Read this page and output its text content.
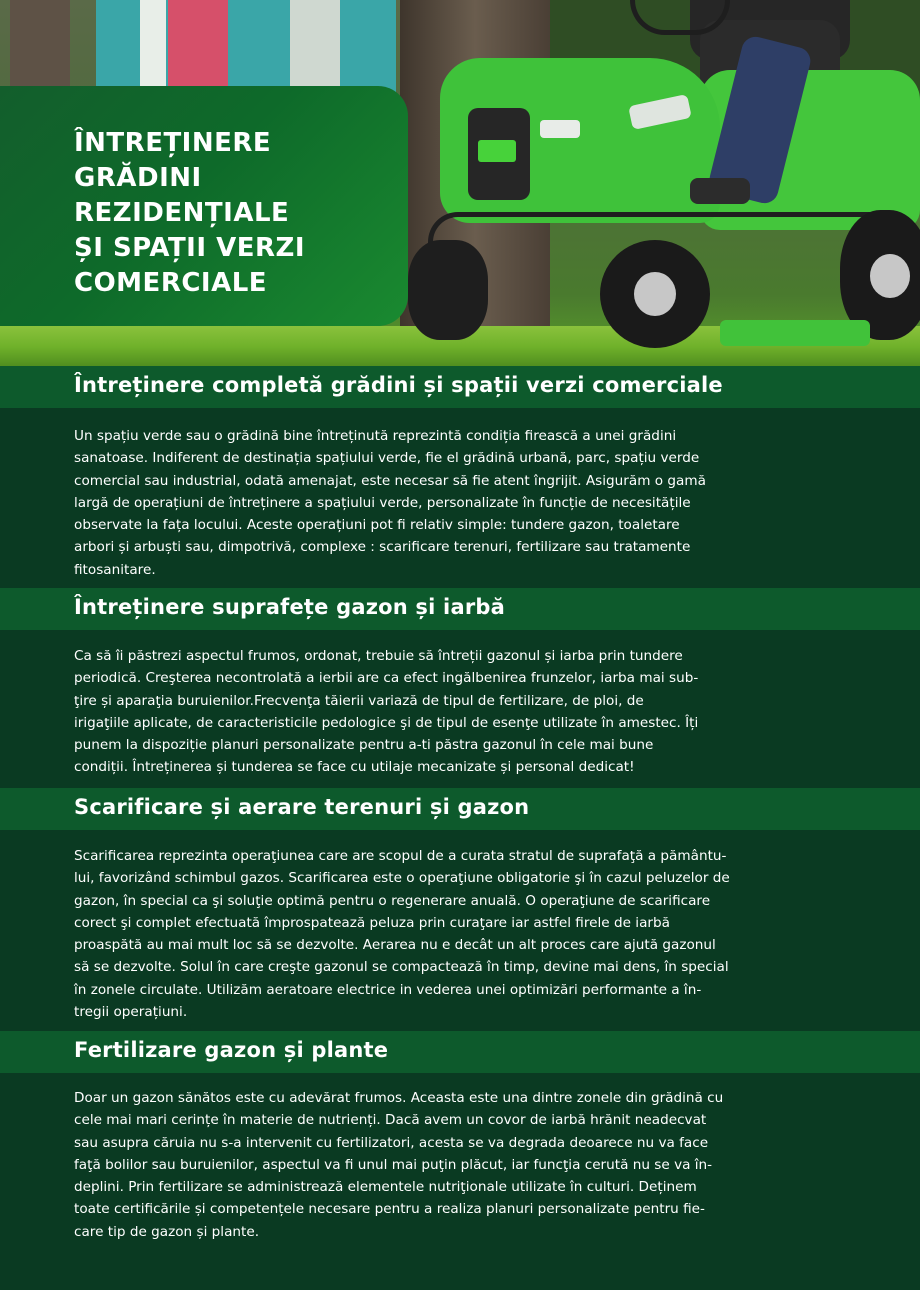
ÎNTREȚINERE
GRĂDINI
REZIDENȚIALE
ȘI SPAȚII VERZI
COMERCIALE
Întreținere completă grădini și spații verzi comerciale

Un spațiu verde sau o grădină bine întreținută reprezintă condiția firească a unei grădini
sanatoase. Indiferent de destinația spațiului verde, fie el grădină urbană, parc, spațiu verde
comercial sau industrial, odată amenajat, este necesar să fie atent îngrijit. Asigurăm o gamă
largă de operațiuni de întreținere a spațiului verde, personalizate în funcție de necesitățile
observate la fața locului. Aceste operațiuni pot fi relativ simple: tundere gazon, toaletare
arbori și arbuști sau, dimpotrivă, complexe : scarificare terenuri, fertilizare sau tratamente
fitosanitare.

Întreținere suprafețe gazon și iarbă

Ca să îi păstrezi aspectul frumos, ordonat, trebuie să întreții gazonul și iarba prin tundere
periodică. Creşterea necontrolată a ierbii are ca efect ingălbenirea frunzelor, iarba mai sub-
ţire și aparaţia buruienilor.Frecvenţa tăierii variază de tipul de fertilizare, de ploi, de
irigaţiile aplicate, de caracteristicile pedologice şi de tipul de esenţe utilizate în amestec. Îți
punem la dispoziție planuri personalizate pentru a-ti păstra gazonul în cele mai bune
condiții. Întreținerea și tunderea se face cu utilaje mecanizate și personal dedicat!

Scarificare și aerare terenuri și gazon

Scarificarea reprezinta operaţiunea care are scopul de a curata stratul de suprafaţă a pământu-
lui, favorizând schimbul gazos. Scarificarea este o operaţiune obligatorie şi în cazul peluzelor de
gazon, în special ca şi soluţie optimă pentru o regenerare anuală. O operaţiune de scarificare
corect şi complet efectuată împrospatează peluza prin curaţare iar astfel firele de iarbă
proaspătă au mai mult loc să se dezvolte. Aerarea nu e decât un alt proces care ajută gazonul
să se dezvolte. Solul în care creşte gazonul se compactează în timp, devine mai dens, în special
în zonele circulate. Utilizăm aeratoare electrice in vederea unei optimizări performante a în-
tregii operațiuni.

Fertilizare gazon și plante

Doar un gazon sănătos este cu adevărat frumos. Aceasta este una dintre zonele din grădină cu
cele mai mari cerințe în materie de nutrienți. Dacă avem un covor de iarbă hrănit neadecvat
sau asupra căruia nu s-a intervenit cu fertilizatori, acesta se va degrada deoarece nu va face
faţă bolilor sau buruienilor, aspectul va fi unul mai puţin plăcut, iar funcţia cerută nu se va în-
deplini. Prin fertilizare se administrează elementele nutriţionale utilizate în culturi. Deținem
toate certificările și competențele necesare pentru a realiza planuri personalizate pentru fie-
care tip de gazon și plante.
